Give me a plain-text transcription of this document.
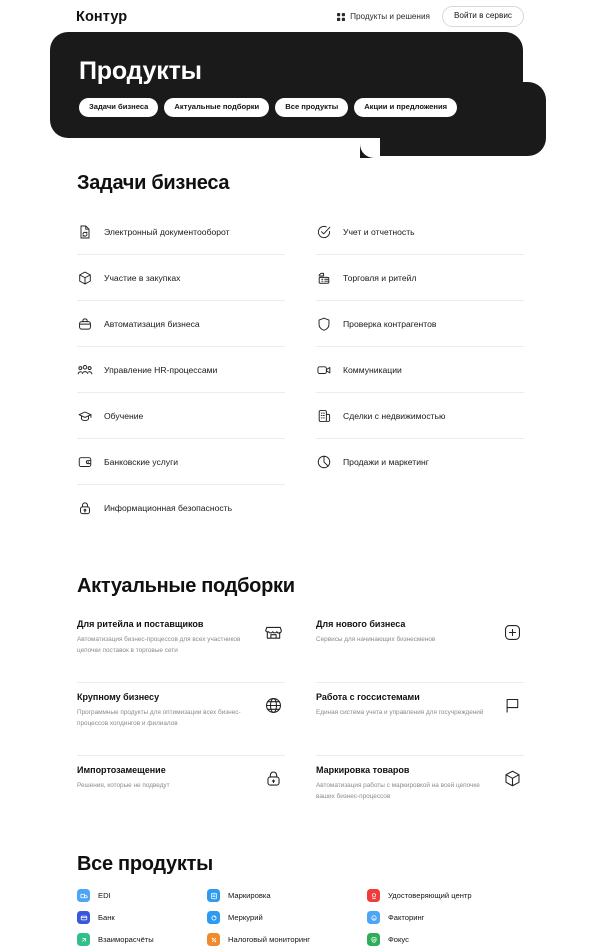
Контур	Продукты и решения	Войти в сервис
Продукты
Задачи бизнеса	Актуальные подборки	Все продукты	Акции и предложения
Задачи бизнеса
Электронный документооборот	Учет и отчетность
Участие в закупках	Торговля и ритейл
Автоматизация бизнеса	Проверка контрагентов
Управление HR-процессами	Коммуникации
Обучение	Сделки с недвижимостью
Банковские услуги	Продажи и маркетинг
Информационная безопасность
Актуальные подборки
Для ритейла и поставщиков
Автоматизация бизнес-процессов для всех участников цепочки поставок в торговые сети
Для нового бизнеса
Сервисы для начинающих бизнесменов
Крупному бизнесу
Программные продукты для оптимизации всех бизнес-процессов холдингов и филиалов
Работа с госсистемами
Единая система учета и управления для госучреждений
Импортозамещение
Решения, которые не подведут
Маркировка товаров
Автоматизация работы с маркировкой на всей цепочке ваших бизнес-процессов
Все продукты
EDI	Маркировка	Удостоверяющий центр
Банк	Меркурий	Факторинг
Взаиморасчёты	Налоговый мониторинг	Фокус
